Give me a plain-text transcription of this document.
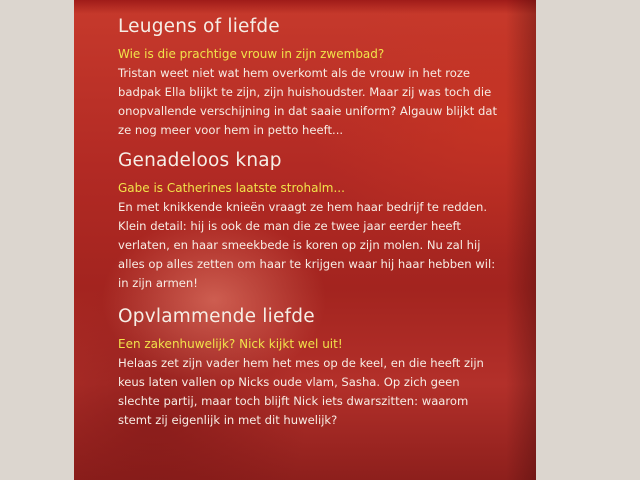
Leugens of liefde
Wie is die prachtige vrouw in zijn zwembad?
Tristan weet niet wat hem overkomt als de vrouw in het roze
badpak Ella blijkt te zijn, zijn huishoudster. Maar zij was toch die
onopvallende verschijning in dat saaie uniform? Algauw blijkt dat
ze nog meer voor hem in petto heeft...
Genadeloos knap
Gabe is Catherines laatste strohalm...
En met knikkende knieën vraagt ze hem haar bedrijf te redden.
Klein detail: hij is ook de man die ze twee jaar eerder heeft
verlaten, en haar smeekbede is koren op zijn molen. Nu zal hij
alles op alles zetten om haar te krijgen waar hij haar hebben wil:
in zijn armen!
Opvlammende liefde
Een zakenhuwelijk? Nick kijkt wel uit!
Helaas zet zijn vader hem het mes op de keel, en die heeft zijn
keus laten vallen op Nicks oude vlam, Sasha. Op zich geen
slechte partij, maar toch blijft Nick iets dwarszitten: waarom
stemt zij eigenlijk in met dit huwelijk?
